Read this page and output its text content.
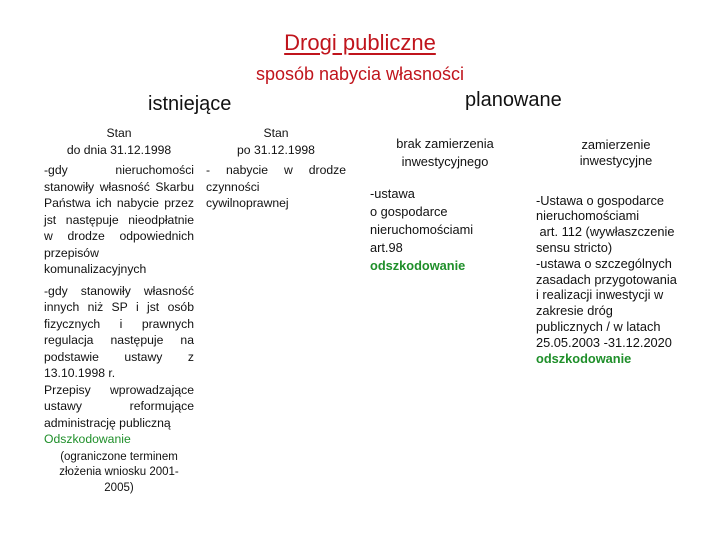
Drogi publiczne
sposób nabycia własności
istniejące	planowane
Stan
do dnia 31.12.1998
-gdy nieruchomości
stanowiły własność Skarbu
Państwa ich nabycie przez
jst następuje nieodpłatnie
w drodze odpowiednich
przepisów
komunalizacyjnych
-gdy stanowiły własność
innych niż SP i jst osób
fizycznych i prawnych
regulacja następuje na
podstawie ustawy z
13.10.1998 r.
Przepisy wprowadzające
ustawy reformujące
administrację publiczną
Odszkodowanie
(ograniczone terminem
złożenia wniosku 2001-
2005)
Stan
po 31.12.1998
- nabycie w drodze
czynności
cywilnoprawnej
brak zamierzenia
inwestycyjnego
-ustawa
o gospodarce
nieruchomościami
art.98
odszkodowanie
zamierzenie
inwestycyjne
-Ustawa o gospodarce
nieruchomościami
art. 112 (wywłaszczenie
sensu stricto)
-ustawa o szczególnych
zasadach przygotowania
i realizacji inwestycji w
zakresie dróg
publicznych / w latach
25.05.2003 -31.12.2020
odszkodowanie
